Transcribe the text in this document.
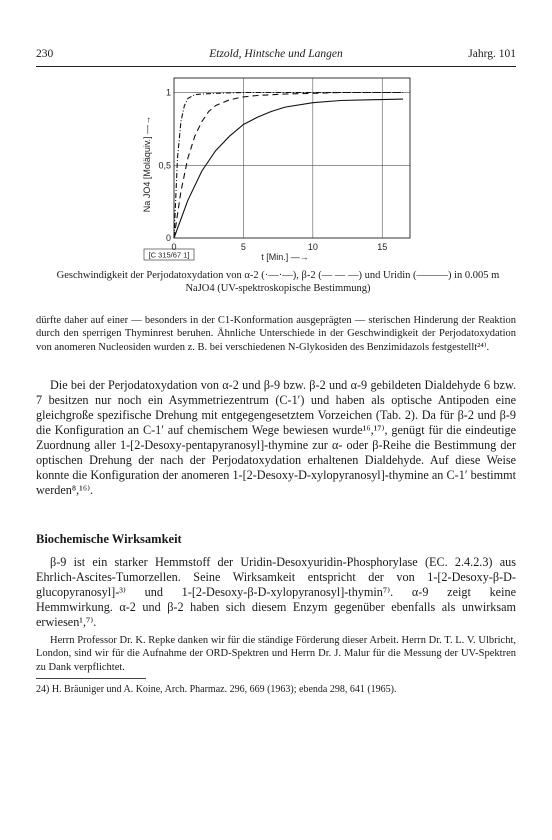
230	Etzold, Hintsche und Langen	Jahrg. 101
0	5	10	15
0
0,5
1
t [Min.] —→
Na JO4 [Moläquiv.] —→
[C 315/67 1]
Geschwindigkeit der Perjodatoxydation von α-2 (·—·—), β-2 (— — —) und Uridin (———) in 0.005 m NaJO4 (UV-spektroskopische Bestimmung)
dürfte daher auf einer — besonders in der C1-Konformation ausgeprägten — sterischen Hinderung der Reaktion durch den sperrigen Thyminrest beruhen. Ähnliche Unterschiede in der Geschwindigkeit der Perjodatoxydation von anomeren Nucleosiden wurden z. B. bei verschiedenen N-Glykosiden des Benzimidazols festgestellt²⁴⁾.
Die bei der Perjodatoxydation von α-2 und β-9 bzw. β-2 und α-9 gebildeten Dialdehyde 6 bzw. 7 besitzen nur noch ein Asymmetriezentrum (C-1′) und haben als optische Antipoden eine gleichgroße spezifische Drehung mit entgegengesetztem Vorzeichen (Tab. 2). Da für β-2 und β-9 die Konfiguration an C-1′ auf chemischem Wege bewiesen wurde¹⁶,¹⁷⁾, genügt für die eindeutige Zuordnung aller 1-[2-Desoxy-pentapyranosyl]-thymine zur α- oder β-Reihe die Bestimmung der optischen Drehung der nach der Perjodatoxydation erhaltenen Dialdehyde. Auf diese Weise konnte die Konfiguration der anomeren 1-[2-Desoxy-D-xylopyranosyl]-thymine an C-1′ bestimmt werden⁸,¹⁶⁾.
Biochemische Wirksamkeit
β-9 ist ein starker Hemmstoff der Uridin-Desoxyuridin-Phosphorylase (EC. 2.4.2.3) aus Ehrlich-Ascites-Tumorzellen. Seine Wirksamkeit entspricht der von 1-[2-Desoxy-β-D-glucopyranosyl]-³⁾ und 1-[2-Desoxy-β-D-xylopyranosyl]-thymin⁷⁾. α-9 zeigt keine Hemmwirkung. α-2 und β-2 haben sich diesem Enzym gegenüber ebenfalls als unwirksam erwiesen¹,⁷⁾.
Herrn Professor Dr. K. Repke danken wir für die ständige Förderung dieser Arbeit. Herrn Dr. T. L. V. Ulbricht, London, sind wir für die Aufnahme der ORD-Spektren und Herrn Dr. J. Malur für die Messung der UV-Spektren zu Dank verpflichtet.
24) H. Bräuniger und A. Koine, Arch. Pharmaz. 296, 669 (1963); ebenda 298, 641 (1965).
